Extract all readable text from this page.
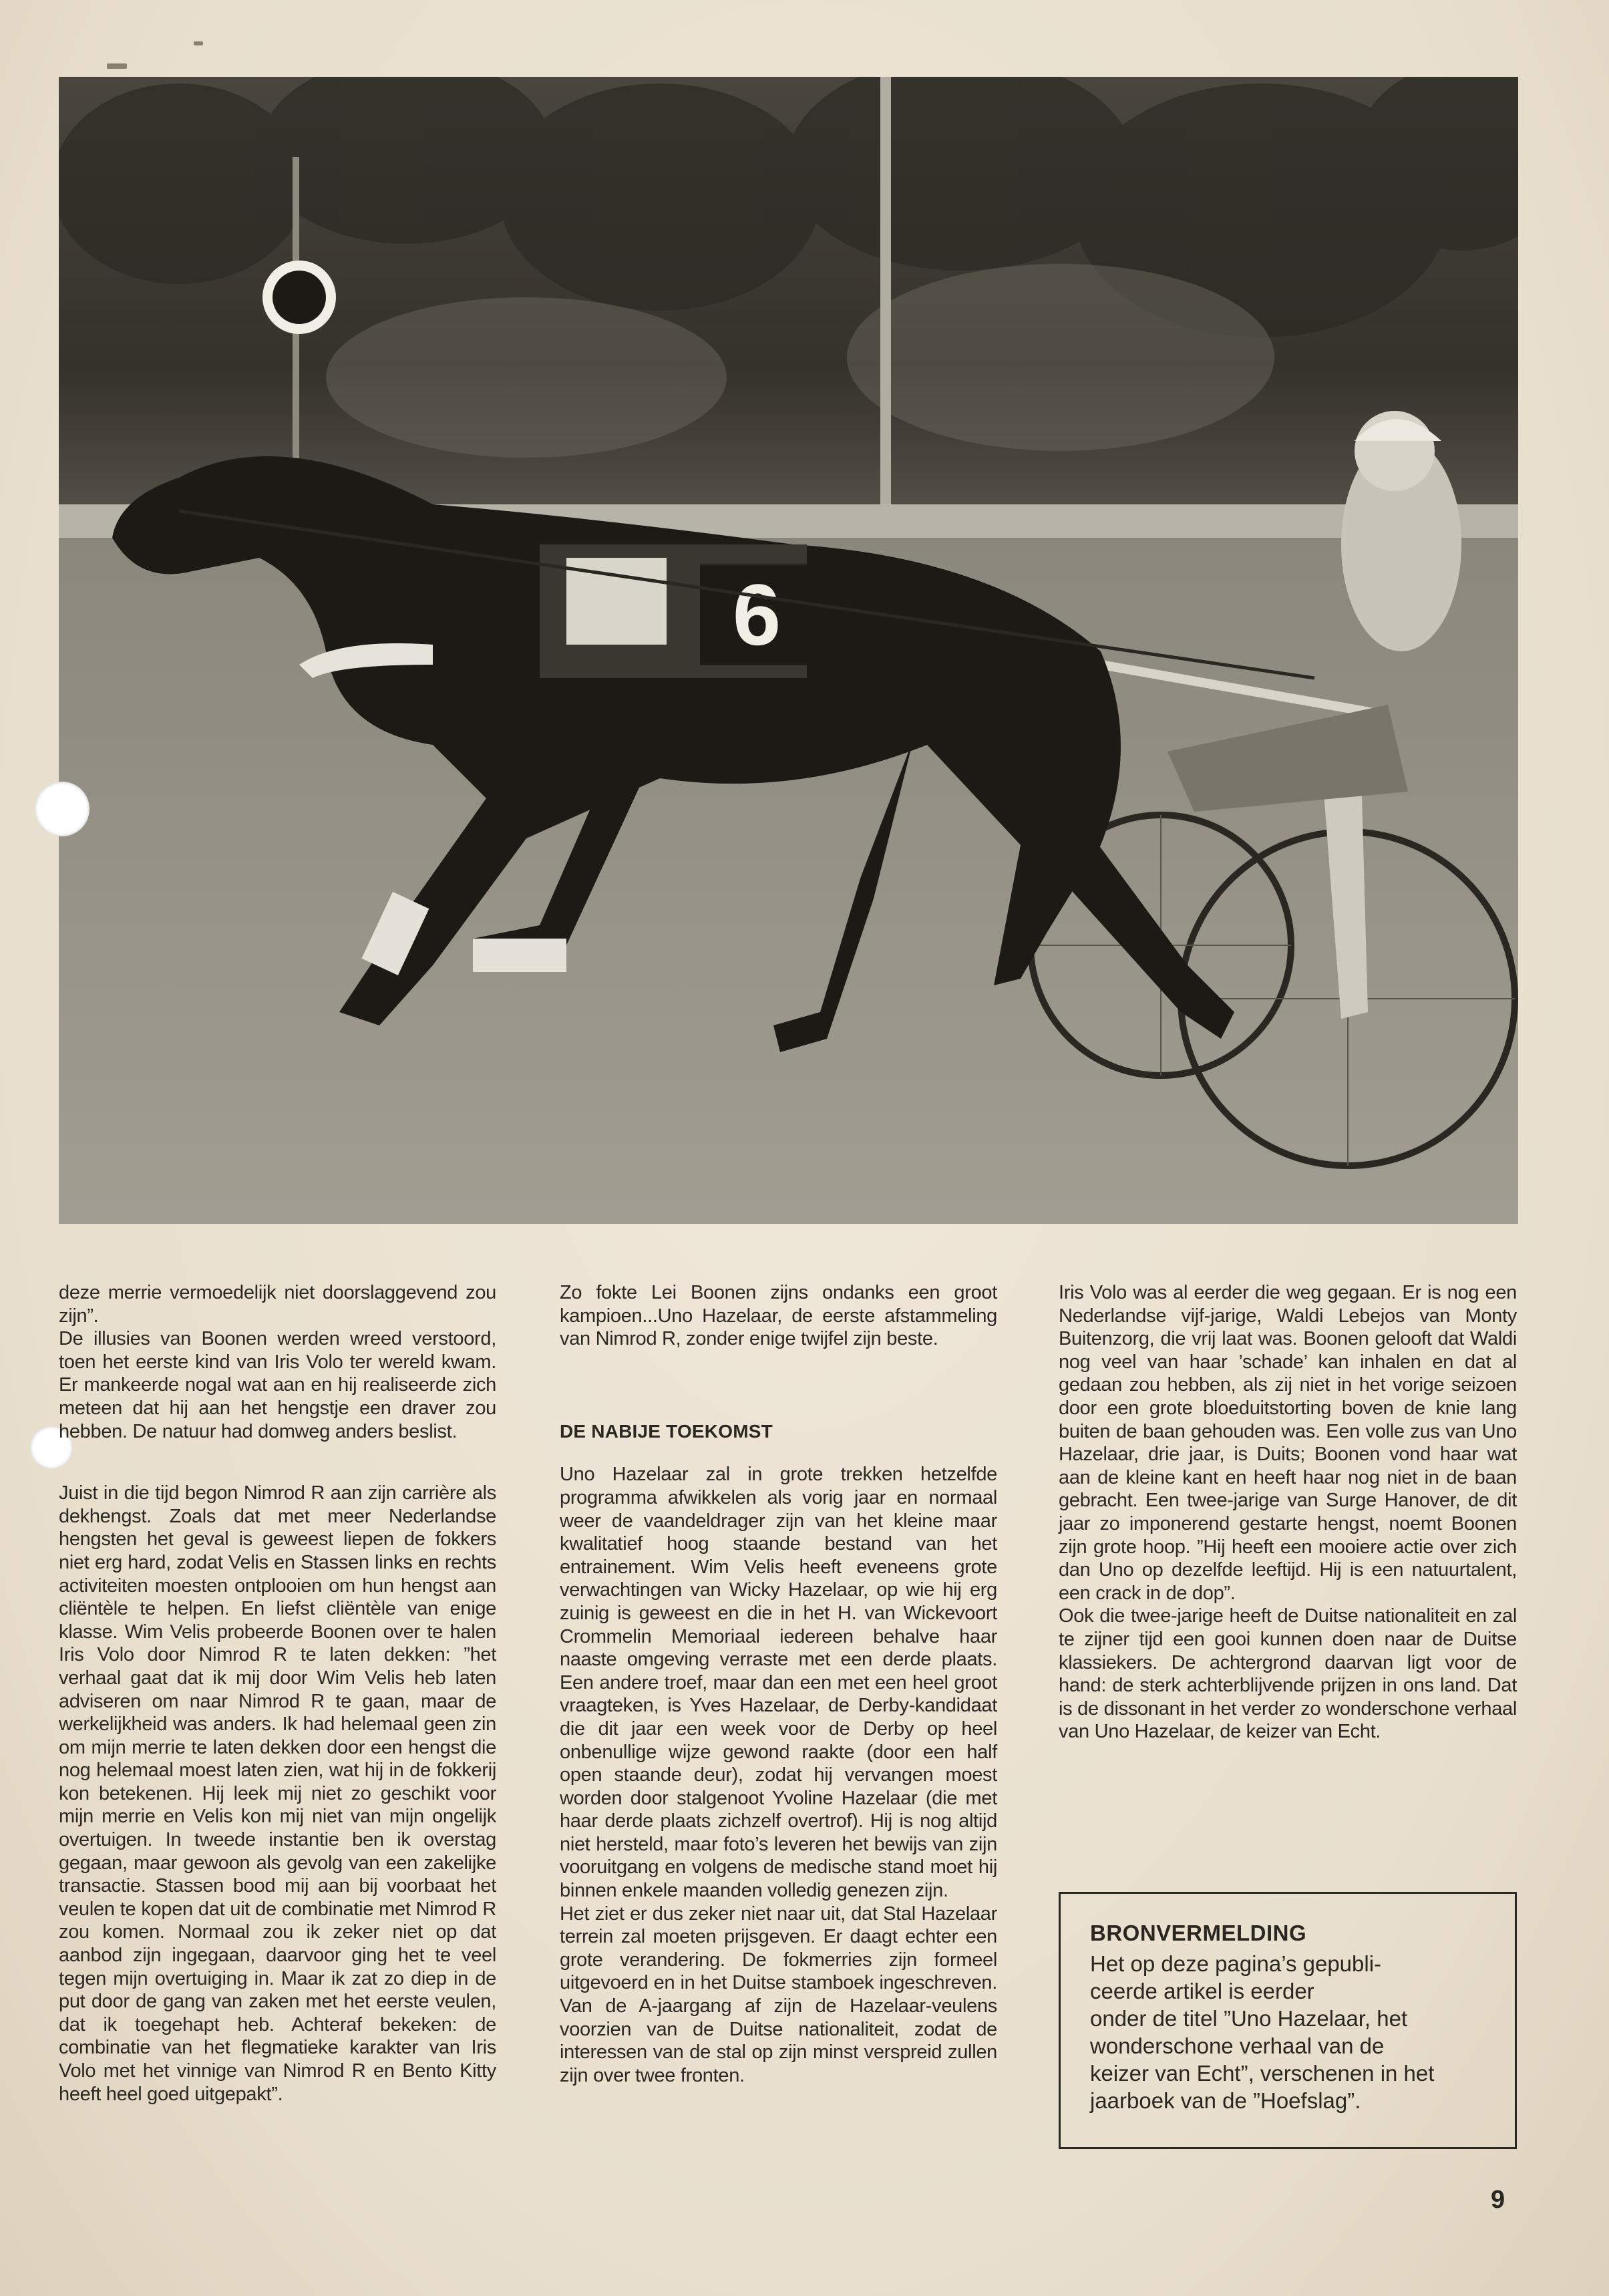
6

deze merrie vermoedelijk niet doorslaggevend zou zijn”.

De illusies van Boonen werden wreed verstoord, toen het eerste kind van Iris Volo ter wereld kwam. Er mankeerde nogal wat aan en hij realiseerde zich meteen dat hij aan het hengstje een draver zou hebben. De natuur had domweg anders beslist.

Juist in die tijd begon Nimrod R aan zijn carrière als dekhengst. Zoals dat met meer Nederlandse hengsten het geval is geweest liepen de fokkers niet erg hard, zodat Velis en Stassen links en rechts activiteiten moesten ontplooien om hun hengst aan cliëntèle te helpen. En liefst cliëntèle van enige klasse. Wim Velis probeerde Boonen over te halen Iris Volo door Nimrod R te laten dekken: ”het verhaal gaat dat ik mij door Wim Velis heb laten adviseren om naar Nimrod R te gaan, maar de werkelijkheid was anders. Ik had helemaal geen zin om mijn merrie te laten dekken door een hengst die nog helemaal moest laten zien, wat hij in de fokkerij kon betekenen. Hij leek mij niet zo geschikt voor mijn merrie en Velis kon mij niet van mijn ongelijk overtuigen. In tweede instantie ben ik overstag gegaan, maar gewoon als gevolg van een zakelijke transactie. Stassen bood mij aan bij voorbaat het veulen te kopen dat uit de combinatie met Nimrod R zou komen. Normaal zou ik zeker niet op dat aanbod zijn ingegaan, daarvoor ging het te veel tegen mijn overtuiging in. Maar ik zat zo diep in de put door de gang van zaken met het eerste veulen, dat ik toegehapt heb. Achteraf bekeken: de combinatie van het flegmatieke karakter van Iris Volo met het vinnige van Nimrod R en Bento Kitty heeft heel goed uitgepakt”.

Zo fokte Lei Boonen zijns ondanks een groot kampioen...Uno Hazelaar, de eerste afstammeling van Nimrod R, zonder enige twijfel zijn beste.

DE NABIJE TOEKOMST

Uno Hazelaar zal in grote trekken hetzelfde programma afwikkelen als vorig jaar en normaal weer de vaandeldrager zijn van het kleine maar kwalitatief hoog staande bestand van het entrainement. Wim Velis heeft eveneens grote verwachtingen van Wicky Hazelaar, op wie hij erg zuinig is geweest en die in het H. van Wickevoort Crommelin Memoriaal iedereen behalve haar naaste omgeving verraste met een derde plaats. Een andere troef, maar dan een met een heel groot vraagteken, is Yves Hazelaar, de Derby-kandidaat die dit jaar een week voor de Derby op heel onbenullige wijze gewond raakte (door een half open staande deur), zodat hij vervangen moest worden door stalgenoot Yvoline Hazelaar (die met haar derde plaats zichzelf overtrof). Hij is nog altijd niet hersteld, maar foto’s leveren het bewijs van zijn vooruitgang en volgens de medische stand moet hij binnen enkele maanden volledig genezen zijn.

Het ziet er dus zeker niet naar uit, dat Stal Hazelaar terrein zal moeten prijsgeven. Er daagt echter een grote verandering. De fokmerries zijn formeel uitgevoerd en in het Duitse stamboek ingeschreven. Van de A-jaargang af zijn de Hazelaar-veulens voorzien van de Duitse nationaliteit, zodat de interessen van de stal op zijn minst verspreid zullen zijn over twee fronten.

Iris Volo was al eerder die weg gegaan. Er is nog een Nederlandse vijf-jarige, Waldi Lebejos van Monty Buitenzorg, die vrij laat was. Boonen gelooft dat Waldi nog veel van haar ’schade’ kan inhalen en dat al gedaan zou hebben, als zij niet in het vorige seizoen door een grote bloeduitstorting boven de knie lang buiten de baan gehouden was. Een volle zus van Uno Hazelaar, drie jaar, is Duits; Boonen vond haar wat aan de kleine kant en heeft haar nog niet in de baan gebracht. Een twee-jarige van Surge Hanover, de dit jaar zo imponerend gestarte hengst, noemt Boonen zijn grote hoop. ”Hij heeft een mooiere actie over zich dan Uno op dezelfde leeftijd. Hij is een natuurtalent, een crack in de dop”.

Ook die twee-jarige heeft de Duitse nationaliteit en zal te zijner tijd een gooi kunnen doen naar de Duitse klassiekers. De achtergrond daarvan ligt voor de hand: de sterk achterblijvende prijzen in ons land. Dat is de dissonant in het verder zo wonderschone verhaal van Uno Hazelaar, de keizer van Echt.

BRONVERMELDING

Het op deze pagina’s gepubli-

ceerde artikel is eerder

onder de titel ”Uno Hazelaar, het

wonderschone verhaal van de

keizer van Echt”, verschenen in het

jaarboek van de ”Hoefslag”.

9
